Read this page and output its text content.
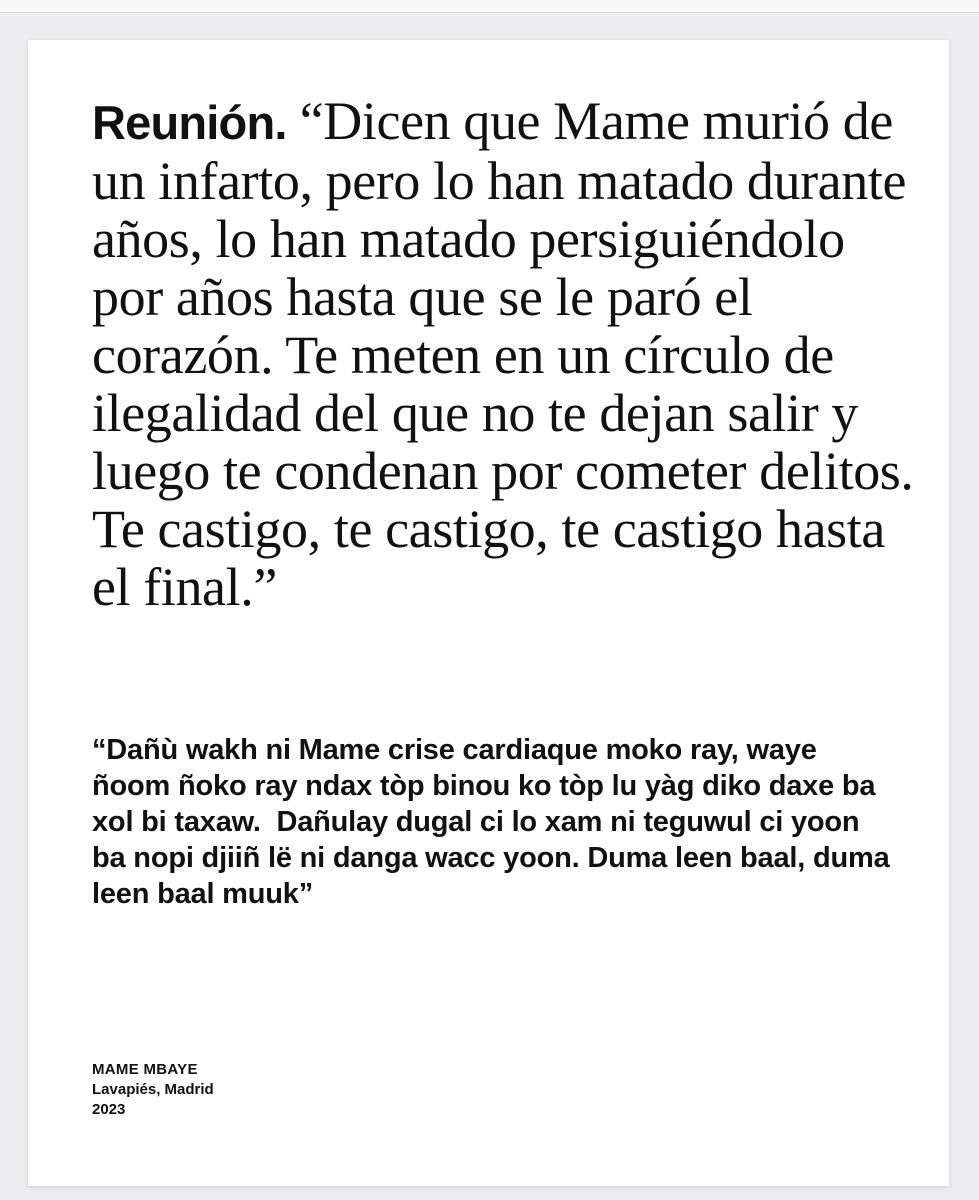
Reunión. “Dicen que Mame murió de un infarto, pero lo han matado durante años, lo han matado persiguiéndolo por años hasta que se le paró el corazón. Te meten en un círculo de ilegalidad del que no te dejan salir y luego te condenan por cometer delitos. Te castigo, te castigo, te castigo hasta el final.”

“Dañù wakh ni Mame crise cardiaque moko ray, waye ñoom ñoko ray ndax tòp binou ko tòp lu yàg diko daxe ba xol bi taxaw.  Dañulay dugal ci lo xam ni teguwul ci yoon ba nopi djiiñ lë ni danga wacc yoon. Duma leen baal, duma leen baal muuk”

MAME MBAYE
Lavapiés, Madrid
2023
